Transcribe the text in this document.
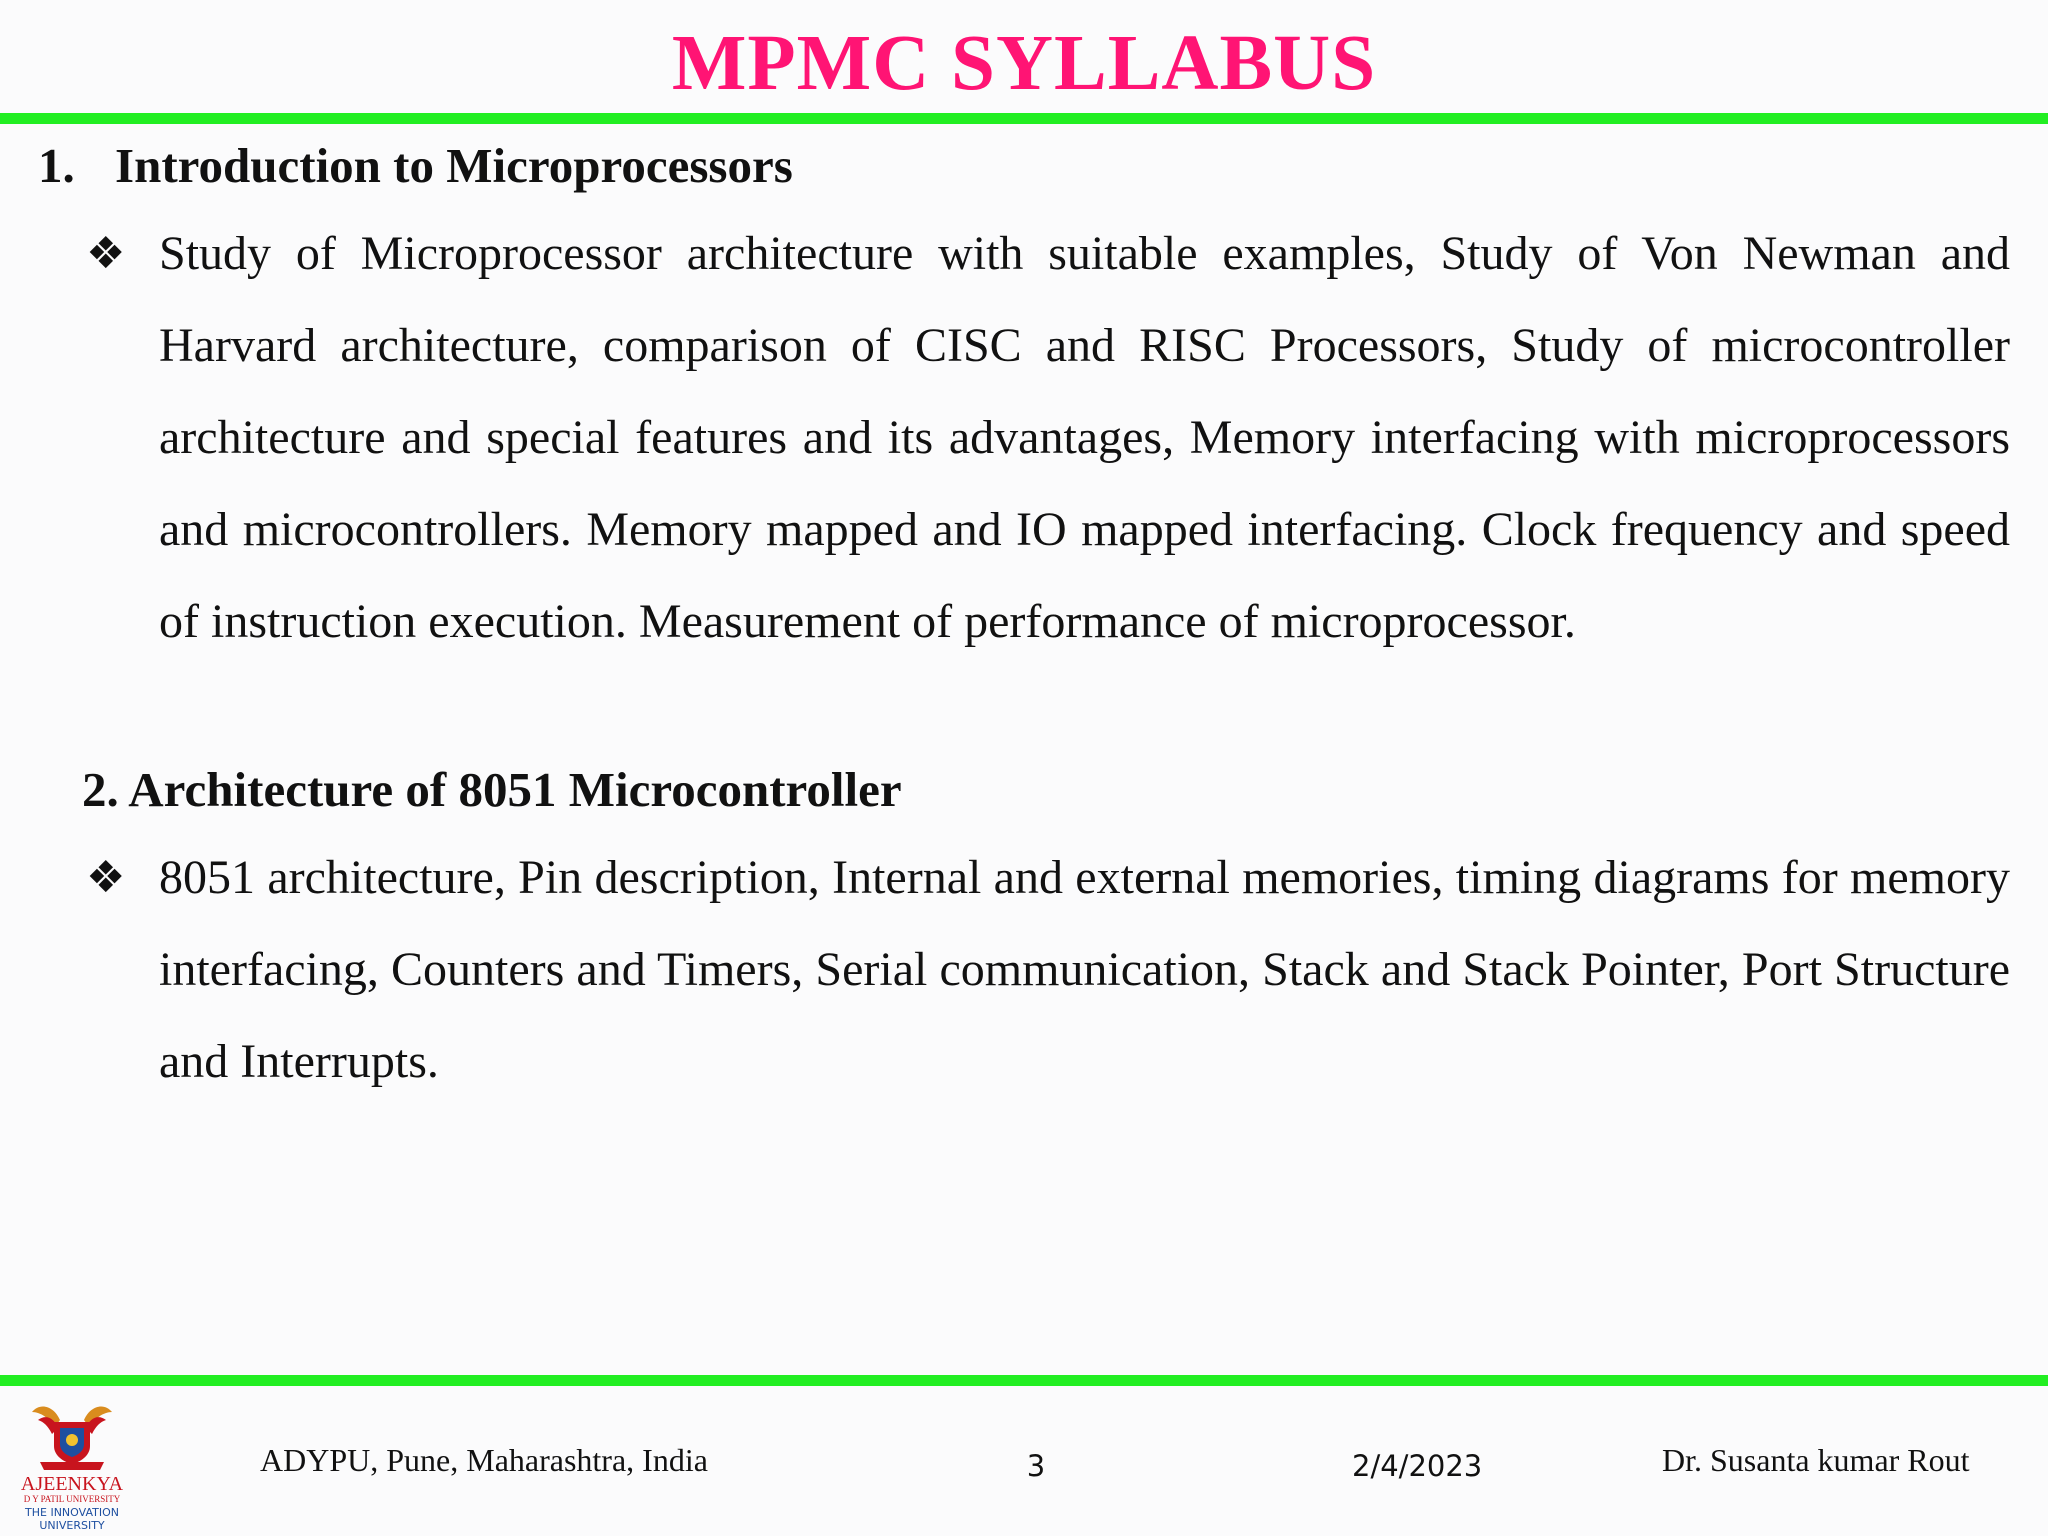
MPMC SYLLABUS
1. Introduction to Microprocessors
❖ Study of Microprocessor architecture with suitable examples, Study of Von Newman and Harvard architecture, comparison of CISC and RISC Processors, Study of microcontroller architecture and special features and its advantages, Memory interfacing with microprocessors and microcontrollers. Memory mapped and IO mapped interfacing. Clock frequency and speed of instruction execution. Measurement of performance of microprocessor.

2. Architecture of 8051 Microcontroller
❖ 8051 architecture, Pin description, Internal and external memories, timing diagrams for memory interfacing, Counters and Timers, Serial communication, Stack and Stack Pointer, Port Structure and Interrupts.

AJEENKYA
D Y PATIL UNIVERSITY
THE INNOVATION
UNIVERSITY
ADYPU, Pune, Maharashtra, India	3	2/4/2023	Dr. Susanta kumar Rout
